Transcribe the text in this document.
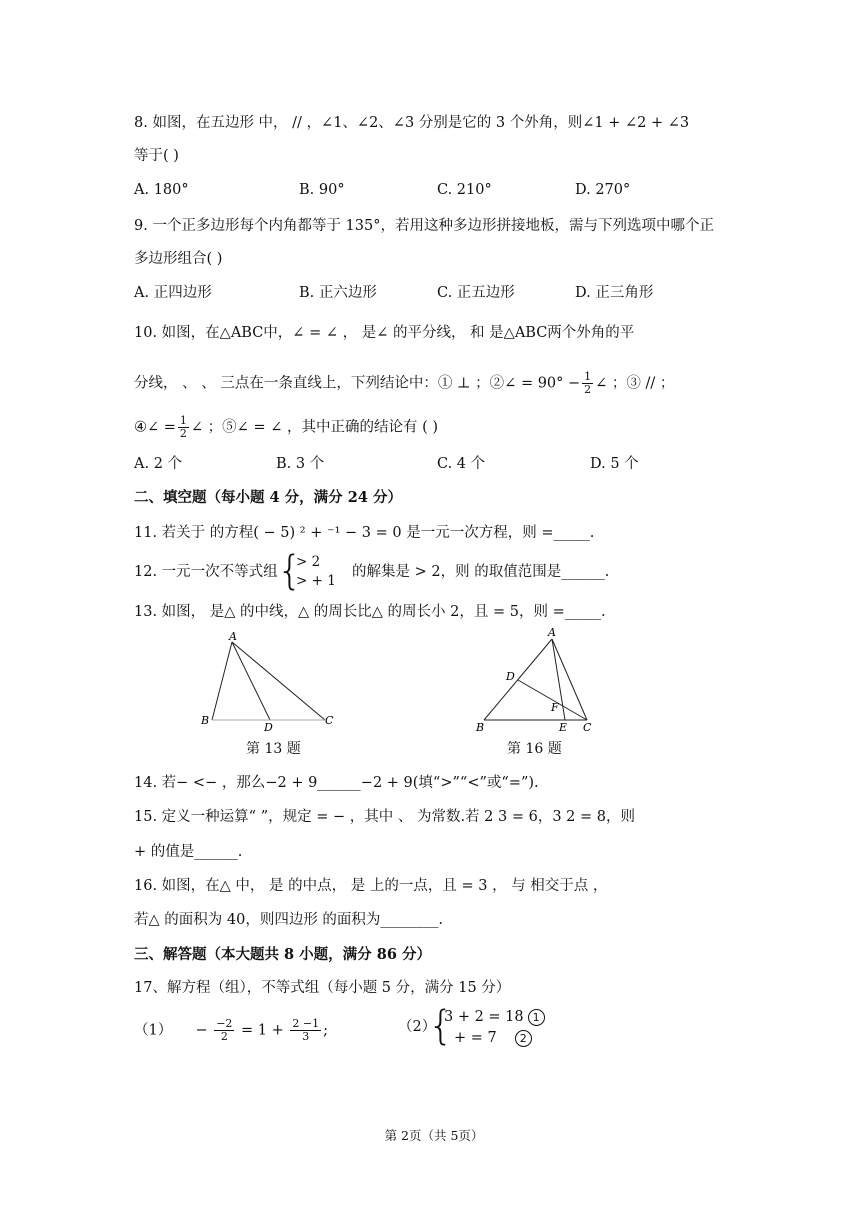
8. 如图，在五边形 中， // ，∠1、∠2、∠3 分别是它的 3 个外角，则∠1 + ∠2 + ∠3
等于( )
A. 180°	B. 90°	C. 210°	D. 270°
9. 一个正多边形每个内角都等于 135°，若用这种多边形拼接地板，需与下列选项中哪个正
多边形组合( )
A. 正四边形	B. 正六边形	C. 正五边形	D. 正三角形
10. 如图，在△ABC中，∠ = ∠ ， 是∠ 的平分线， 和 是△ABC两个外角的平
分线， 、 、 三点在一条直线上，下列结论中：① ⊥ ；②∠ = $90^\circ - \frac{1}{2}$ ∠ ；③ // ；
④∠ = $\frac{1}{2}$ ∠ ；⑤∠ = ∠ ，其中正确的结论有 ( )
A. 2 个	B. 3 个	C. 4 个	D. 5 个
二、填空题（每小题 4 分，满分 24 分）
11. 若关于 的方程( − 5) ² + ⁻¹ − 3 = 0 是一元一次方程，则 =_____.
12. 一元一次不等式组 {
> 2
> + 1
的解集是 > 2，则 的取值范围是______.
13. 如图， 是△ 的中线，△ 的周长比△ 的周长小 2，且 = 5，则 =_____.
A
B
D
C
第 13 题
A
D
F
B	E C
第 16 题
14. 若− <− ，那么−2 + 9______−2 + 9(填“>”“<”或“=”).
15. 定义一种运算“ ”，规定 = − ，其中 、 为常数.若 2 3 = 6，3 2 = 8，则
+ 的值是______.
16. 如图，在△ 中， 是 的中点， 是 上的一点，且 = 3 ， 与 相交于点 ，
若△ 的面积为 40，则四边形 的面积为________.
三、解答题（本大题共 8 小题，满分 86 分）
17、解方程（组），不等式组（每小题 5 分，满分 15 分）
$(1) - \frac{-2}{2} = 1 + \frac{2 -1}{3}$ ;	（2）
{
3 + 2 = 18 1
+ = 7 2
第 2页（共 5页）
